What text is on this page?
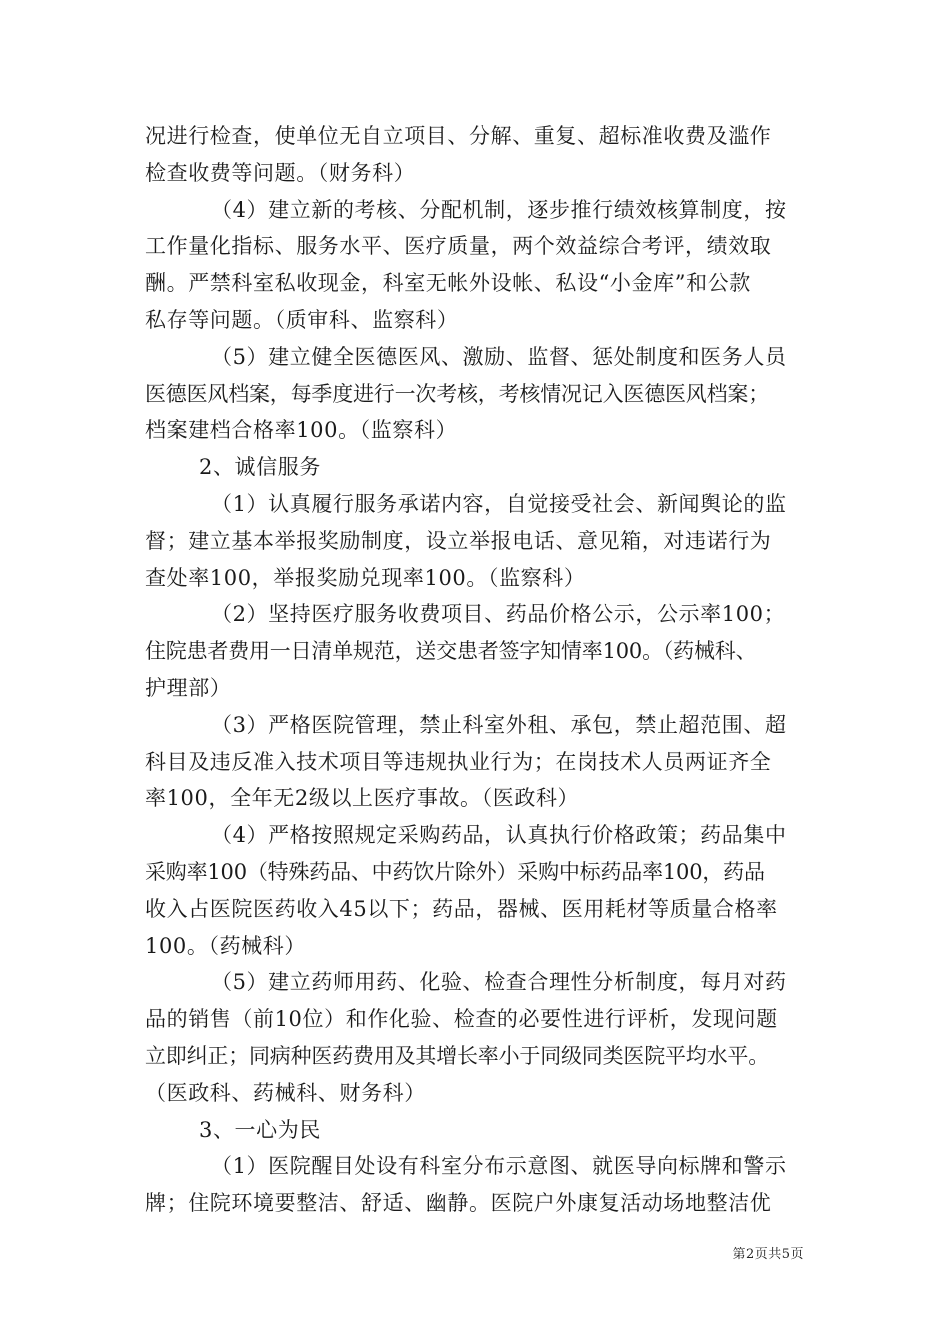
况进行检查，使单位无自立项目、分解、重复、超标准收费及滥作
检查收费等问题。（财务科）
（4）建立新的考核、分配机制，逐步推行绩效核算制度，按
工作量化指标、服务水平、医疗质量，两个效益综合考评，绩效取
酬。严禁科室私收现金，科室无帐外设帐、私设“小金库”和公款
私存等问题。（质审科、监察科）
（5）建立健全医德医风、激励、监督、惩处制度和医务人员
医德医风档案，每季度进行一次考核，考核情况记入医德医风档案；
档案建档合格率100。（监察科）
2、诚信服务
（1）认真履行服务承诺内容，自觉接受社会、新闻舆论的监
督；建立基本举报奖励制度，设立举报电话、意见箱，对违诺行为
查处率100，举报奖励兑现率100。（监察科）
（2）坚持医疗服务收费项目、药品价格公示，公示率100；
住院患者费用一日清单规范，送交患者签字知情率100。（药械科、
护理部）
（3）严格医院管理，禁止科室外租、承包，禁止超范围、超
科目及违反准入技术项目等违规执业行为；在岗技术人员两证齐全
率100，全年无2级以上医疗事故。（医政科）
（4）严格按照规定采购药品，认真执行价格政策；药品集中
采购率100（特殊药品、中药饮片除外）采购中标药品率100，药品
收入占医院医药收入45以下；药品，器械、医用耗材等质量合格率
100。（药械科）
（5）建立药师用药、化验、检查合理性分析制度，每月对药
品的销售（前10位）和作化验、检查的必要性进行评析，发现问题
立即纠正；同病种医药费用及其增长率小于同级同类医院平均水平。
（医政科、药械科、财务科）
3、一心为民
（1）医院醒目处设有科室分布示意图、就医导向标牌和警示
牌；住院环境要整洁、舒适、幽静。医院户外康复活动场地整洁优
第2页共5页
